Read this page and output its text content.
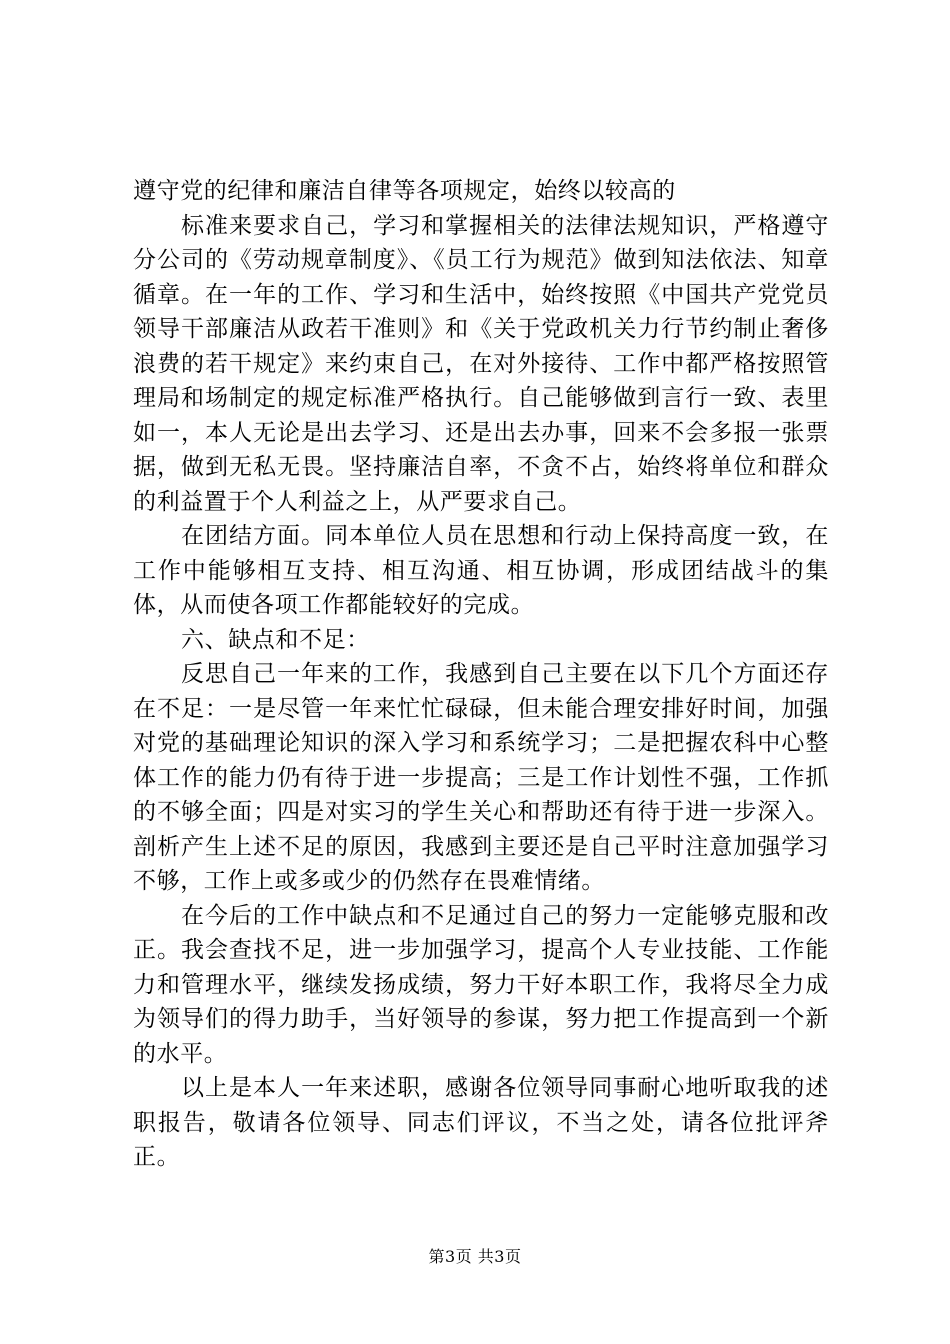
遵守党的纪律和廉洁自律等各项规定，始终以较高的

标准来要求自己，学习和掌握相关的法律法规知识，严格遵守分公司的《劳动规章制度》、《员工行为规范》做到知法依法、知章循章。在一年的工作、学习和生活中，始终按照《中国共产党党员领导干部廉洁从政若干准则》和《关于党政机关力行节约制止奢侈浪费的若干规定》来约束自己，在对外接待、工作中都严格按照管理局和场制定的规定标准严格执行。自己能够做到言行一致、表里如一，本人无论是出去学习、还是出去办事，回来不会多报一张票据，做到无私无畏。坚持廉洁自率，不贪不占，始终将单位和群众的利益置于个人利益之上，从严要求自己。

在团结方面。同本单位人员在思想和行动上保持高度一致，在工作中能够相互支持、相互沟通、相互协调，形成团结战斗的集体，从而使各项工作都能较好的完成。

六、缺点和不足：

反思自己一年来的工作，我感到自己主要在以下几个方面还存在不足：一是尽管一年来忙忙碌碌，但未能合理安排好时间，加强对党的基础理论知识的深入学习和系统学习；二是把握农科中心整体工作的能力仍有待于进一步提高；三是工作计划性不强，工作抓的不够全面；四是对实习的学生关心和帮助还有待于进一步深入。剖析产生上述不足的原因，我感到主要还是自己平时注意加强学习不够，工作上或多或少的仍然存在畏难情绪。

在今后的工作中缺点和不足通过自己的努力一定能够克服和改正。我会查找不足，进一步加强学习，提高个人专业技能、工作能力和管理水平，继续发扬成绩，努力干好本职工作，我将尽全力成为领导们的得力助手，当好领导的参谋，努力把工作提高到一个新的水平。

以上是本人一年来述职，感谢各位领导同事耐心地听取我的述职报告，敬请各位领导、同志们评议，不当之处，请各位批评斧正。

第3页 共3页
